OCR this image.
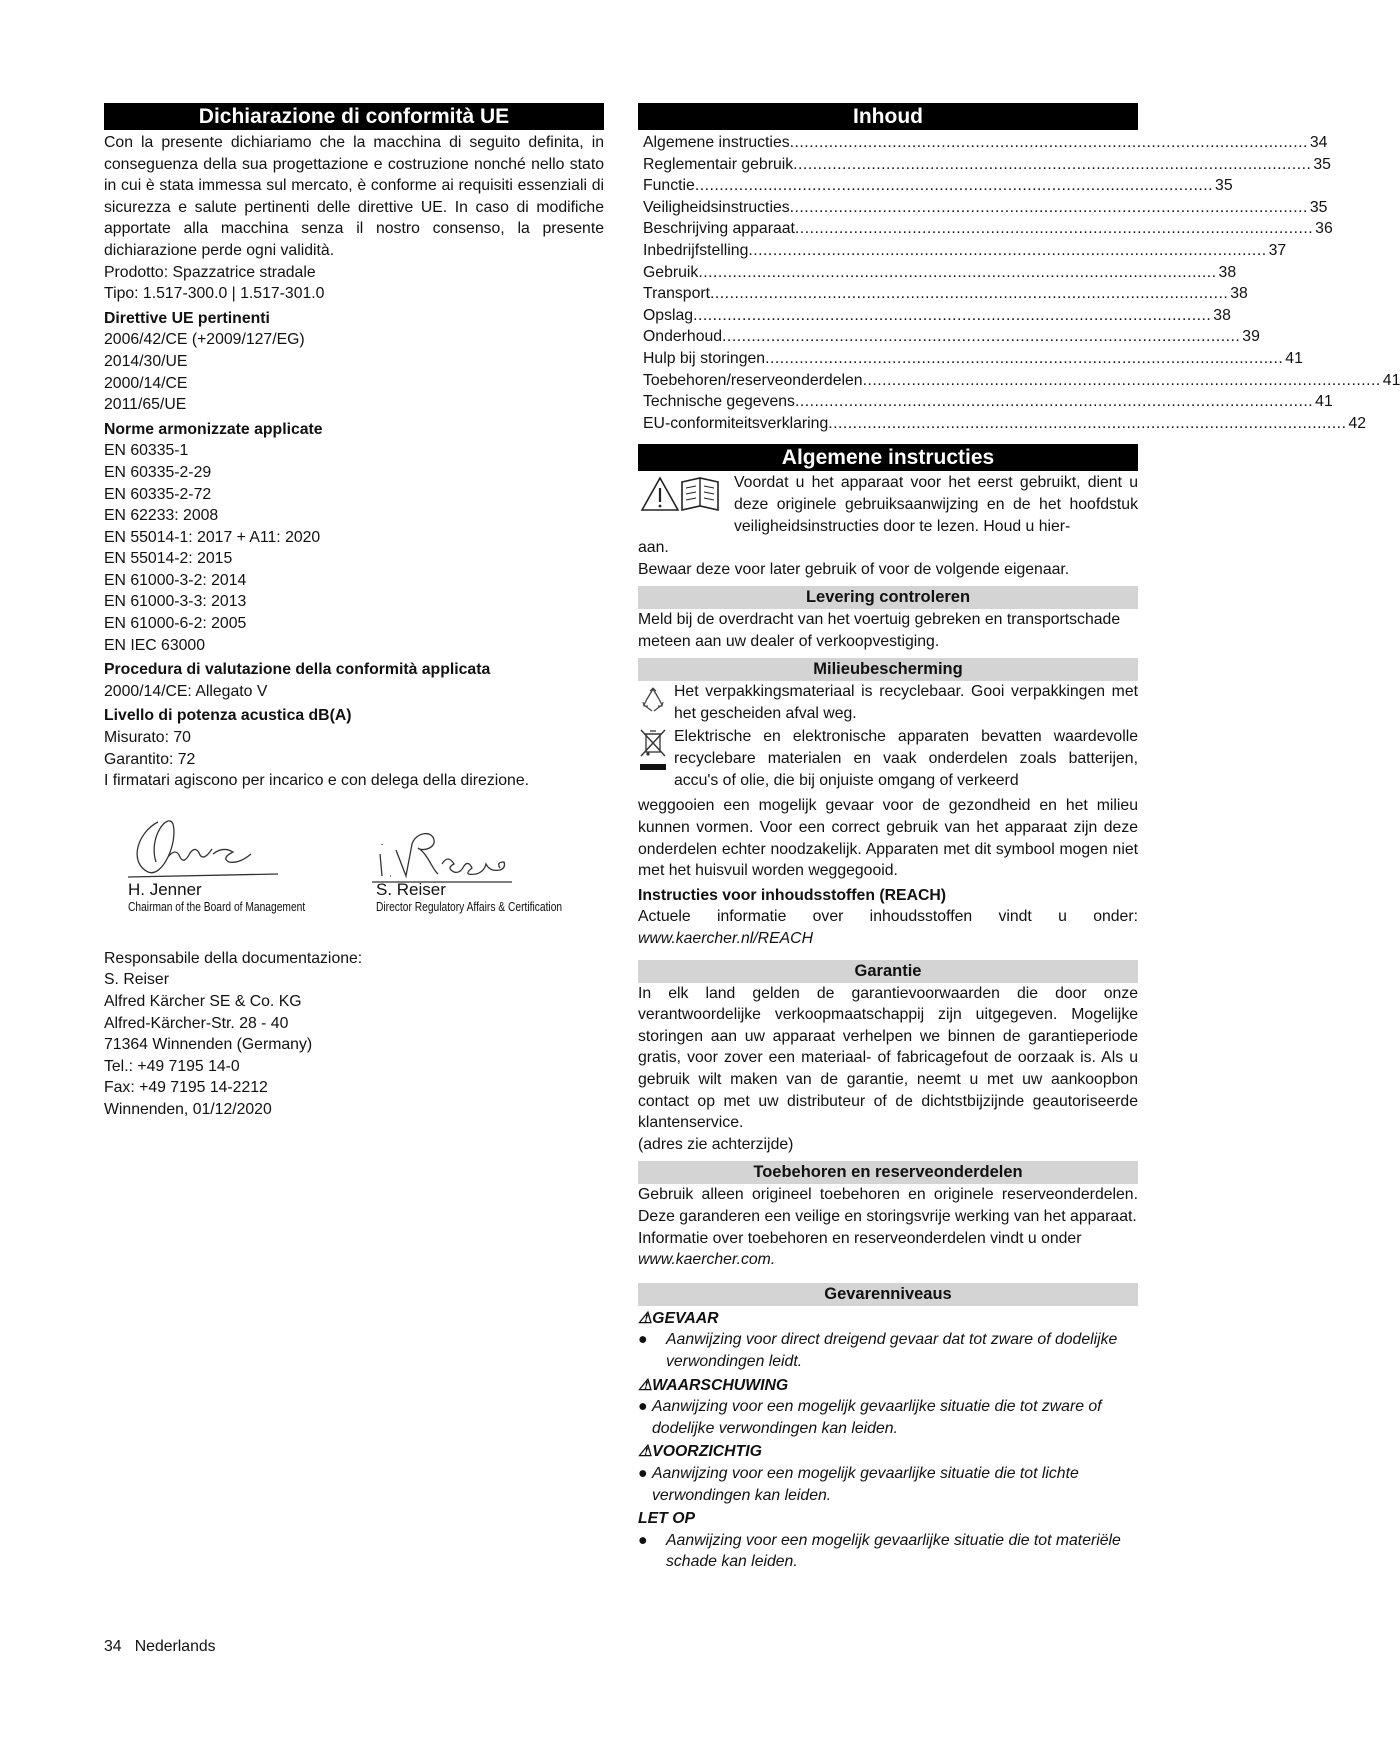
Dichiarazione di conformità UE

Con la presente dichiariamo che la macchina di seguito definita, in conseguenza della sua progettazione e costruzione nonché nello stato in cui è stata immessa sul mercato, è conforme ai requisiti essenziali di sicurezza e salute pertinenti delle direttive UE. In caso di modifiche apportate alla macchina senza il nostro consenso, la presente dichiarazione perde ogni validità.

Prodotto: Spazzatrice stradale

Tipo: 1.517-300.0 | 1.517-301.0

Direttive UE pertinenti

2006/42/CE (+2009/127/EG)

2014/30/UE

2000/14/CE

2011/65/UE

Norme armonizzate applicate

EN 60335-1

EN 60335-2-29

EN 60335-2-72

EN 62233: 2008

EN 55014-1: 2017 + A11: 2020

EN 55014-2: 2015

EN 61000-3-2: 2014

EN 61000-3-3: 2013

EN 61000-6-2: 2005

EN IEC 63000

Procedura di valutazione della conformità applicata

2000/14/CE: Allegato V

Livello di potenza acustica dB(A)

Misurato: 70

Garantito: 72

I firmatari agiscono per incarico e con delega della direzione.

H. Jenner
Chairman of the Board of Management
S. Reiser
Director Regulatory Affairs & Certification

Responsabile della documentazione:

S. Reiser

Alfred Kärcher SE & Co. KG

Alfred-Kärcher-Str. 28 - 40

71364 Winnenden (Germany)

Tel.: +49 7195 14-0

Fax: +49 7195 14-2212

Winnenden, 01/12/2020

Inhoud
Algemene instructies .......................................................................................................... 34
Reglementair gebruik .......................................................................................................... 35
Functie .......................................................................................................... 35
Veiligheidsinstructies .......................................................................................................... 35
Beschrijving apparaat .......................................................................................................... 36
Inbedrijfstelling .......................................................................................................... 37
Gebruik .......................................................................................................... 38
Transport .......................................................................................................... 38
Opslag .......................................................................................................... 38
Onderhoud .......................................................................................................... 39
Hulp bij storingen .......................................................................................................... 41
Toebehoren/reserveonderdelen .......................................................................................................... 41
Technische gegevens .......................................................................................................... 41
EU-conformiteitsverklaring .......................................................................................................... 42
Algemene instructies

Voordat u het apparaat voor het eerst gebruikt, dient u deze originele gebruiksaanwijzing en de het hoofdstuk veiligheidsinstructies door te lezen. Houd u hier-

aan.

Bewaar deze voor later gebruik of voor de volgende eigenaar.

Levering controleren

Meld bij de overdracht van het voertuig gebreken en transportschade meteen aan uw dealer of verkoopvestiging.

Milieubescherming

Het verpakkingsmateriaal is recyclebaar. Gooi verpakkingen met het gescheiden afval weg.

Elektrische en elektronische apparaten bevatten waardevolle recyclebare materialen en vaak onderdelen zoals batterijen, accu's of olie, die bij onjuiste omgang of verkeerd

weggooien een mogelijk gevaar voor de gezondheid en het milieu kunnen vormen. Voor een correct gebruik van het apparaat zijn deze onderdelen echter noodzakelijk. Apparaten met dit symbool mogen niet met het huisvuil worden weggegooid.

Instructies voor inhoudsstoffen (REACH)

Actuele informatie over inhoudsstoffen vindt u onder: www.kaercher.nl/REACH

Garantie

In elk land gelden de garantievoorwaarden die door onze verantwoordelijke verkoopmaatschappij zijn uitgegeven. Mogelijke storingen aan uw apparaat verhelpen we binnen de garantieperiode gratis, voor zover een materiaal- of fabricagefout de oorzaak is. Als u gebruik wilt maken van de garantie, neemt u met uw aankoopbon contact op met uw distributeur of de dichtstbijzijnde geautoriseerde klantenservice.

(adres zie achterzijde)

Toebehoren en reserveonderdelen

Gebruik alleen origineel toebehoren en originele reserveonderdelen. Deze garanderen een veilige en storingsvrije werking van het apparaat.

Informatie over toebehoren en reserveonderdelen vindt u onder

www.kaercher.com.

Gevarenniveaus
⚠GEVAAR
●	Aanwijzing voor direct dreigend gevaar dat tot zware of dodelijke verwondingen leidt.
⚠WAARSCHUWING
● Aanwijzing voor een mogelijk gevaarlijke situatie die tot zware of dodelijke verwondingen kan leiden.
⚠VOORZICHTIG
● Aanwijzing voor een mogelijk gevaarlijke situatie die tot lichte verwondingen kan leiden.
LET OP
●	Aanwijzing voor een mogelijk gevaarlijke situatie die tot materiële schade kan leiden.
34 Nederlands
